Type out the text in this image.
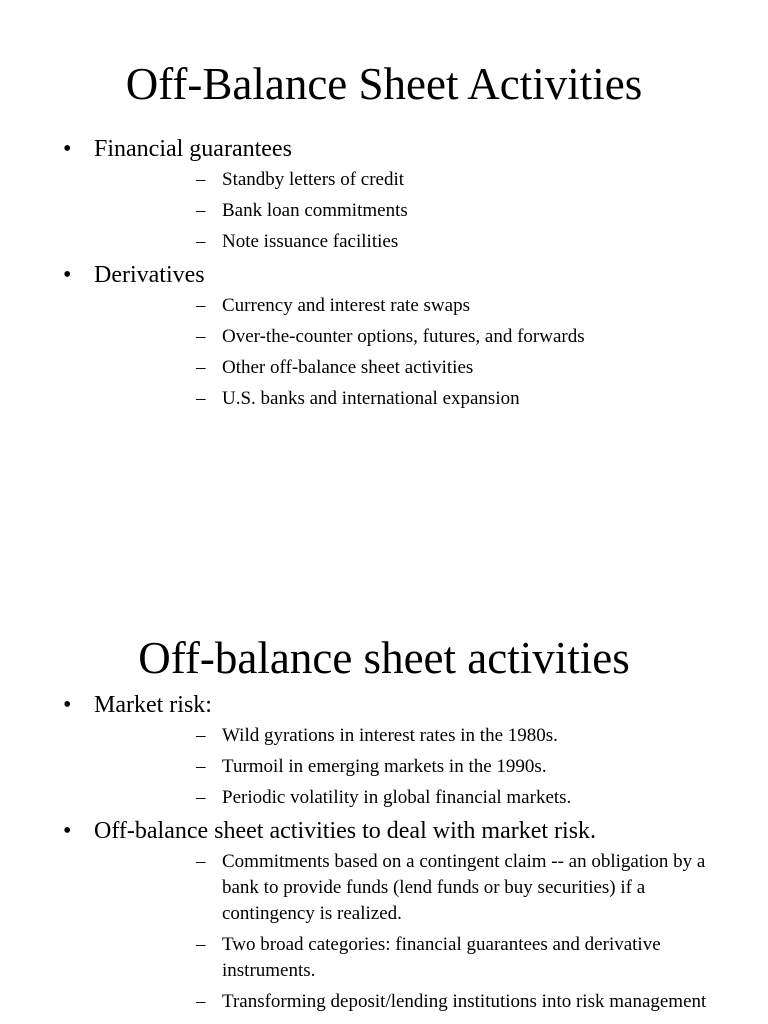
Off-Balance Sheet Activities
• Financial guarantees
– Standby letters of credit
– Bank loan commitments
– Note issuance facilities
• Derivatives
– Currency and interest rate swaps
– Over-the-counter options, futures, and forwards
– Other off-balance sheet activities
– U.S. banks and international expansion
Off-balance sheet activities
• Market risk:
– Wild gyrations in interest rates in the 1980s.
– Turmoil in emerging markets in the 1990s.
– Periodic volatility in global financial markets.
• Off-balance sheet activities to deal with market risk.
– Commitments based on a contingent claim -- an obligation by a bank to provide funds (lend funds or buy securities) if a contingency is realized.
– Two broad categories: financial guarantees and derivative instruments.
– Transforming deposit/lending institutions into risk management
